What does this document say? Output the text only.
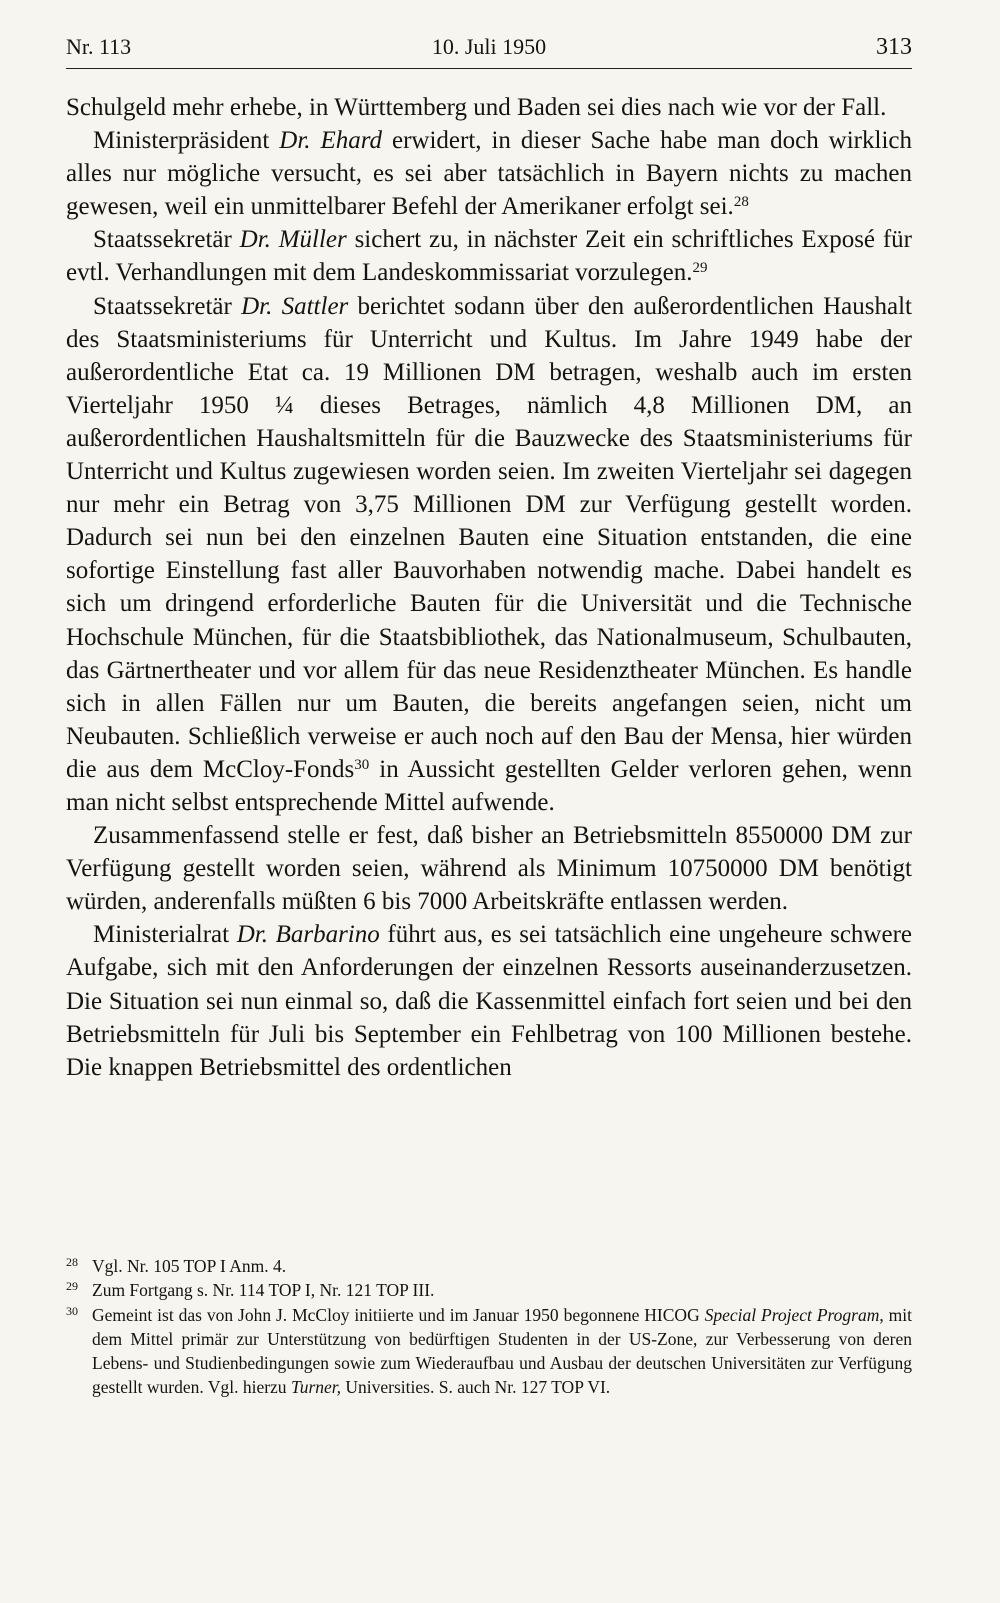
Nr. 113	10. Juli 1950	313

Schulgeld mehr erhebe, in Württemberg und Baden sei dies nach wie vor der Fall.

Ministerpräsident Dr. Ehard erwidert, in dieser Sache habe man doch wirklich alles nur mögliche versucht, es sei aber tatsächlich in Bayern nichts zu machen gewesen, weil ein unmittelbarer Befehl der Amerikaner erfolgt sei.$^{28}$

Staatssekretär Dr. Müller sichert zu, in nächster Zeit ein schriftliches Exposé für evtl. Verhandlungen mit dem Landeskommissariat vorzulegen.$^{29}$

Staatssekretär Dr. Sattler berichtet sodann über den außerordentlichen Haushalt des Staatsministeriums für Unterricht und Kultus. Im Jahre 1949 habe der außerordentliche Etat ca. 19 Millionen DM betragen, weshalb auch im ersten Vierteljahr 1950 ¼ dieses Betrages, nämlich 4,8 Millionen DM, an außerordentlichen Haushaltsmitteln für die Bauzwecke des Staatsministeriums für Unterricht und Kultus zugewiesen worden seien. Im zweiten Vierteljahr sei dagegen nur mehr ein Betrag von 3,75 Millionen DM zur Verfügung gestellt worden. Dadurch sei nun bei den einzelnen Bauten eine Situation entstanden, die eine sofortige Einstellung fast aller Bauvorhaben notwendig mache. Dabei handelt es sich um dringend erforderliche Bauten für die Universität und die Technische Hochschule München, für die Staatsbibliothek, das Nationalmuseum, Schulbauten, das Gärtnertheater und vor allem für das neue Residenztheater München. Es handle sich in allen Fällen nur um Bauten, die bereits angefangen seien, nicht um Neubauten. Schließlich verweise er auch noch auf den Bau der Mensa, hier würden die aus dem McCloy-Fonds$^{30}$ in Aussicht gestellten Gelder verloren gehen, wenn man nicht selbst entsprechende Mittel aufwende.

Zusammenfassend stelle er fest, daß bisher an Betriebsmitteln 8550000 DM zur Verfügung gestellt worden seien, während als Minimum 10750000 DM benötigt würden, anderenfalls müßten 6 bis 7000 Arbeitskräfte entlassen werden.

Ministerialrat Dr. Barbarino führt aus, es sei tatsächlich eine ungeheure schwere Aufgabe, sich mit den Anforderungen der einzelnen Ressorts auseinanderzusetzen. Die Situation sei nun einmal so, daß die Kassenmittel einfach fort seien und bei den Betriebsmitteln für Juli bis September ein Fehlbetrag von 100 Millionen bestehe. Die knappen Betriebsmittel des ordentlichen

28 Vgl. Nr. 105 TOP I Anm. 4.
29 Zum Fortgang s. Nr. 114 TOP I, Nr. 121 TOP III.
30 Gemeint ist das von John J. McCloy initiierte und im Januar 1950 begonnene HICOG Special Project Program, mit dem Mittel primär zur Unterstützung von bedürftigen Studenten in der US-Zone, zur Verbesserung von deren Lebens- und Studienbedingungen sowie zum Wiederaufbau und Ausbau der deutschen Universitäten zur Verfügung gestellt wurden. Vgl. hierzu Turner, Universities. S. auch Nr. 127 TOP VI.
